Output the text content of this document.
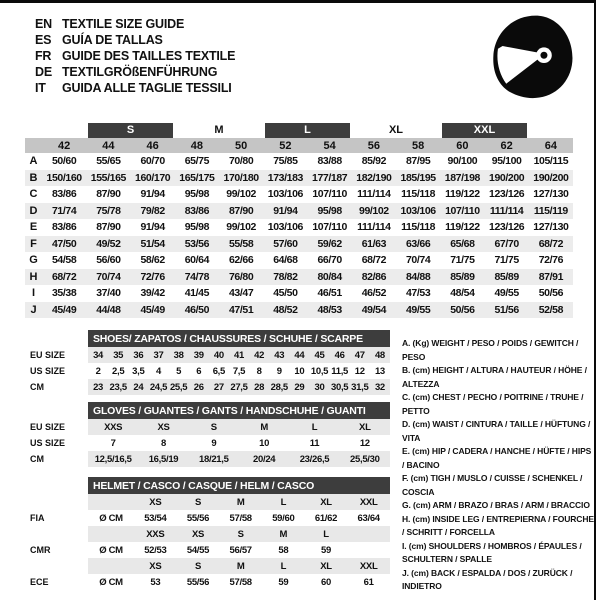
EN TEXTILE SIZE GUIDE
ES GUÍA DE TALLAS
FR GUIDE DES TAILLES TEXTILE
DE TEXTILGRÖßENFÜHRUNG
IT	GUIDA ALLE TAGLIE TESSILI
S	M	L	XL	XXL
42	44	46	48	50	52	54	56	58	60	62	64
A	50/60	55/65	60/70	65/75	70/80	75/85	83/88	85/92	87/95	90/100	95/100	105/115
B 150/160 155/165 160/170 165/175 170/180 173/183 177/187 182/190 185/195 187/198 190/200 190/200
C	83/86	87/90	91/94	95/98	99/102	103/106 107/110 111/114	115/118 119/122 123/126 127/130
D	71/74	75/78	79/82	83/86	87/90	91/94	95/98	99/102	103/106 107/110 111/114	115/119
E	83/86	87/90	91/94	95/98	99/102	103/106 107/110 111/114	115/118 119/122 123/126 127/130
F	47/50	49/52	51/54	53/56	55/58	57/60	59/62	61/63	63/66	65/68	67/70	68/72
G	54/58	56/60	58/62	60/64	62/66	64/68	66/70	68/72	70/74	71/75	71/75	72/76
H	68/72	70/74	72/76	74/78	76/80	78/82	80/84	82/86	84/88	85/89	85/89	87/91
I	35/38	37/40	39/42	41/45	43/47	45/50	46/51	46/52	47/53	48/54	49/55	50/56
J	45/49	44/48	45/49	46/50	47/51	48/52	48/53	49/54	49/55	50/56	51/56	52/58
SHOES/ ZAPATOS / CHAUSSURES / SCHUHE / SCARPE
EU SIZE	34	35	36	37	38	39	40	41	42	43	44	45	46	47	48
US SIZE	2	2,5 3,5	4	5	6	6,5 7,5	8	9	10 10,5 11,5 12	13
CM	23 23,5 24 24,5 25,5 26	27 27,5 28 28,5 29	30 30,5 31,5 32
GLOVES / GUANTES / GANTS / HANDSCHUHE / GUANTI
EU SIZE	XXS	XS	S	M	L	XL
US SIZE	7	8	9	10	11	12
CM	12,5/16,5	16,5/19	18/21,5	20/24	23/26,5	25,5/30
HELMET / CASCO / CASQUE / HELM / CASCO
XS	S	M	L	XL	XXL
FIA	Ø CM	53/54	55/56	57/58	59/60	61/62	63/64
XXS	XS	S	M	L
CMR	Ø CM	52/53	54/55	56/57	58	59
XS	S	M	L	XL	XXL
ECE	Ø CM	53	55/56	57/58	59	60	61
A. (Kg) WEIGHT / PESO / POIDS / GEWITCH / PESO
B. (cm) HEIGHT / ALTURA / HAUTEUR / HÖHE / ALTEZZA
C. (cm) CHEST / PECHO / POITRINE / TRUHE / PETTO
D. (cm) WAIST / CINTURA / TAILLE / HÜFTUNG / VITA
E. (cm) HIP / CADERA / HANCHE / HÜFTE / HIPS / BACINO
F. (cm) TIGH / MUSLO / CUISSE / SCHENKEL / COSCIA
G. (cm) ARM / BRAZO / BRAS / ARM / BRACCIO
H. (cm) INSIDE LEG / ENTREPIERNA / FOURCHE / SCHRITT / FORCELLA
I. (cm) SHOULDERS / HOMBROS / ÉPAULES / SCHULTERN / SPALLE
J. (cm) BACK / ESPALDA / DOS / ZURÜCK / INDIETRO
